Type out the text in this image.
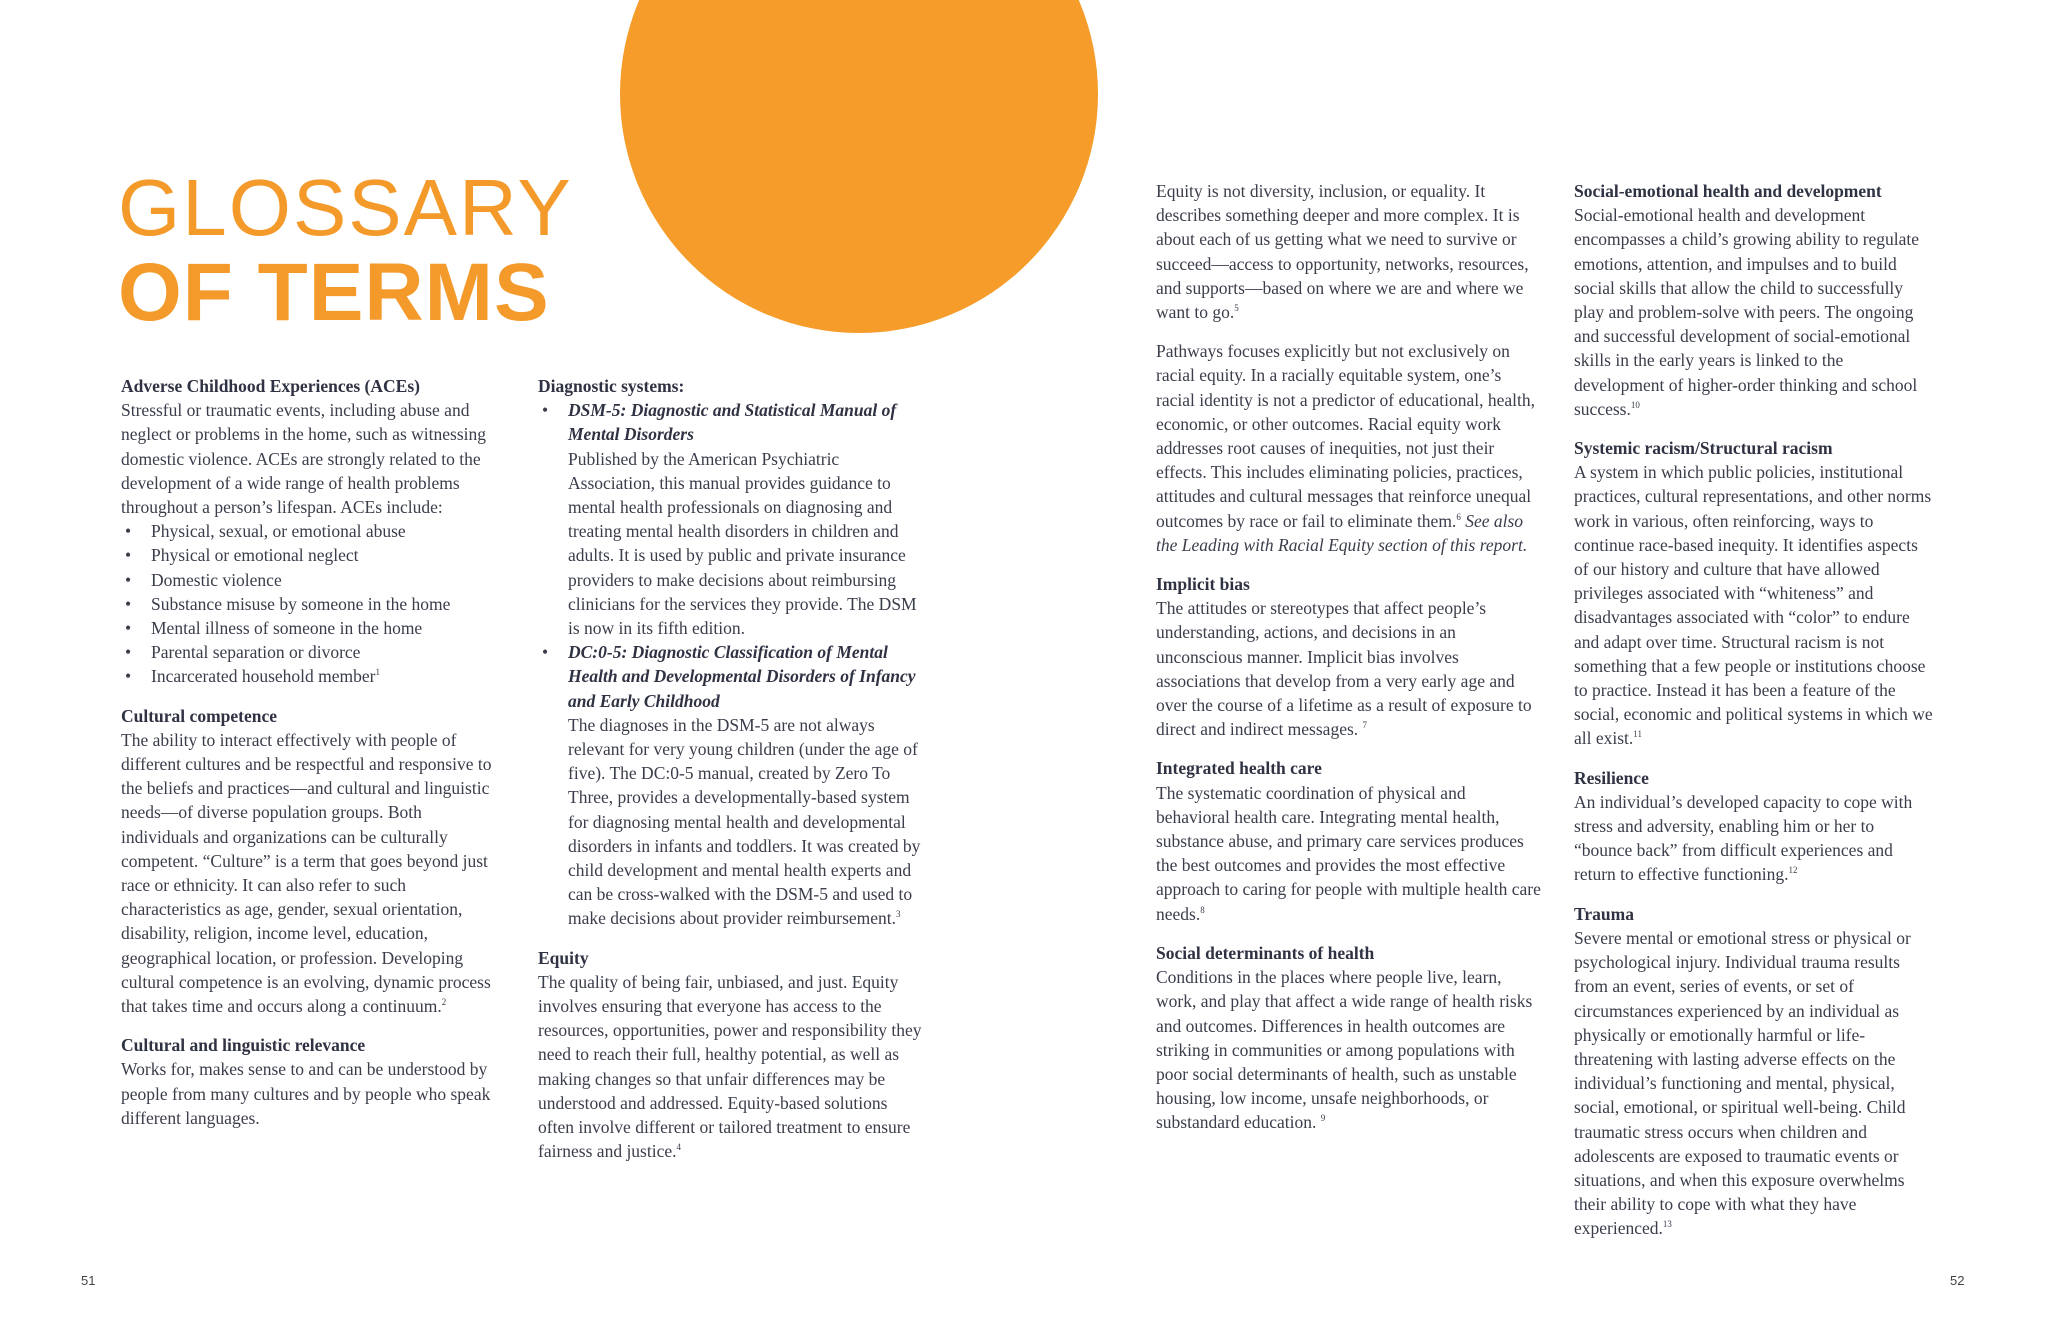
GLOSSARY
OF TERMS
Adverse Childhood Experiences (ACEs)

Stressful or traumatic events, including abuse and neglect or problems in the home, such as witnessing domestic violence. ACEs are strongly related to the development of a wide range of health problems throughout a person’s lifespan. ACEs include:

• Physical, sexual, or emotional abuse
• Physical or emotional neglect
• Domestic violence
• Substance misuse by someone in the home
• Mental illness of someone in the home
• Parental separation or divorce
• Incarcerated household member$^1$
Cultural competence

The ability to interact effectively with people of different cultures and be respectful and responsive to the beliefs and practices—and cultural and linguistic needs—of diverse population groups. Both individuals and organizations can be culturally competent. “Culture” is a term that goes beyond just race or ethnicity. It can also refer to such characteristics as age, gender, sexual orientation, disability, religion, income level, education, geographical location, or profession. Developing cultural competence is an evolving, dynamic process that takes time and occurs along a continuum.$^2$

Cultural and linguistic relevance

Works for, makes sense to and can be understood by people from many cultures and by people who speak different languages.

Diagnostic systems:
• DSM-5: Diagnostic and Statistical Manual of Mental Disorders

Published by the American Psychiatric Association, this manual provides guidance to mental health professionals on diagnosing and treating mental health disorders in children and adults. It is used by public and private insurance providers to make decisions about reimbursing clinicians for the services they provide. The DSM is now in its fifth edition.

• DC:0-5: Diagnostic Classification of Mental Health and Developmental Disorders of Infancy and Early Childhood

The diagnoses in the DSM-5 are not always relevant for very young children (under the age of five). The DC:0-5 manual, created by Zero To Three, provides a developmentally-based system for diagnosing mental health and developmental disorders in infants and toddlers. It was created by child development and mental health experts and can be cross-walked with the DSM-5 and used to make decisions about provider reimbursement.$^3$

Equity

The quality of being fair, unbiased, and just. Equity involves ensuring that everyone has access to the resources, opportunities, power and responsibility they need to reach their full, healthy potential, as well as making changes so that unfair differences may be understood and addressed. Equity-based solutions often involve different or tailored treatment to ensure fairness and justice.$^4$

Equity is not diversity, inclusion, or equality. It describes something deeper and more complex. It is about each of us getting what we need to survive or succeed—access to opportunity, networks, resources, and supports—based on where we are and where we want to go.$^5$

Pathways focuses explicitly but not exclusively on racial equity. In a racially equitable system, one’s racial identity is not a predictor of educational, health, economic, or other outcomes. Racial equity work addresses root causes of inequities, not just their effects. This includes eliminating policies, practices, attitudes and cultural messages that reinforce unequal outcomes by race or fail to eliminate them.$^6$ See also the Leading with Racial Equity section of this report.

Implicit bias

The attitudes or stereotypes that affect people’s understanding, actions, and decisions in an unconscious manner. Implicit bias involves associations that develop from a very early age and over the course of a lifetime as a result of exposure to direct and indirect messages. $^7$

Integrated health care

The systematic coordination of physical and behavioral health care. Integrating mental health, substance abuse, and primary care services produces the best outcomes and provides the most effective approach to caring for people with multiple health care needs.$^8$

Social determinants of health

Conditions in the places where people live, learn, work, and play that affect a wide range of health risks and outcomes. Differences in health outcomes are striking in communities or among populations with poor social determinants of health, such as unstable housing, low income, unsafe neighborhoods, or substandard education. $^9$

Social-emotional health and development

Social-emotional health and development encompasses a child’s growing ability to regulate emotions, attention, and impulses and to build social skills that allow the child to successfully play and problem-solve with peers. The ongoing and successful development of social-emotional skills in the early years is linked to the development of higher-order thinking and school success.$^{10}$

Systemic racism/Structural racism

A system in which public policies, institutional practices, cultural representations, and other norms work in various, often reinforcing, ways to continue race-based inequity. It identifies aspects of our history and culture that have allowed privileges associated with “whiteness” and disadvantages associated with “color” to endure and adapt over time. Structural racism is not something that a few people or institutions choose to practice. Instead it has been a feature of the social, economic and political systems in which we all exist.$^{11}$

Resilience

An individual’s developed capacity to cope with stress and adversity, enabling him or her to “bounce back” from difficult experiences and return to effective functioning.$^{12}$

Trauma

Severe mental or emotional stress or physical or psychological injury. Individual trauma results from an event, series of events, or set of circumstances experienced by an individual as physically or emotionally harmful or life-threatening with lasting adverse effects on the individual’s functioning and mental, physical, social, emotional, or spiritual well-being. Child traumatic stress occurs when children and adolescents are exposed to traumatic events or situations, and when this exposure overwhelms their ability to cope with what they have experienced.$^{13}$

51	52
